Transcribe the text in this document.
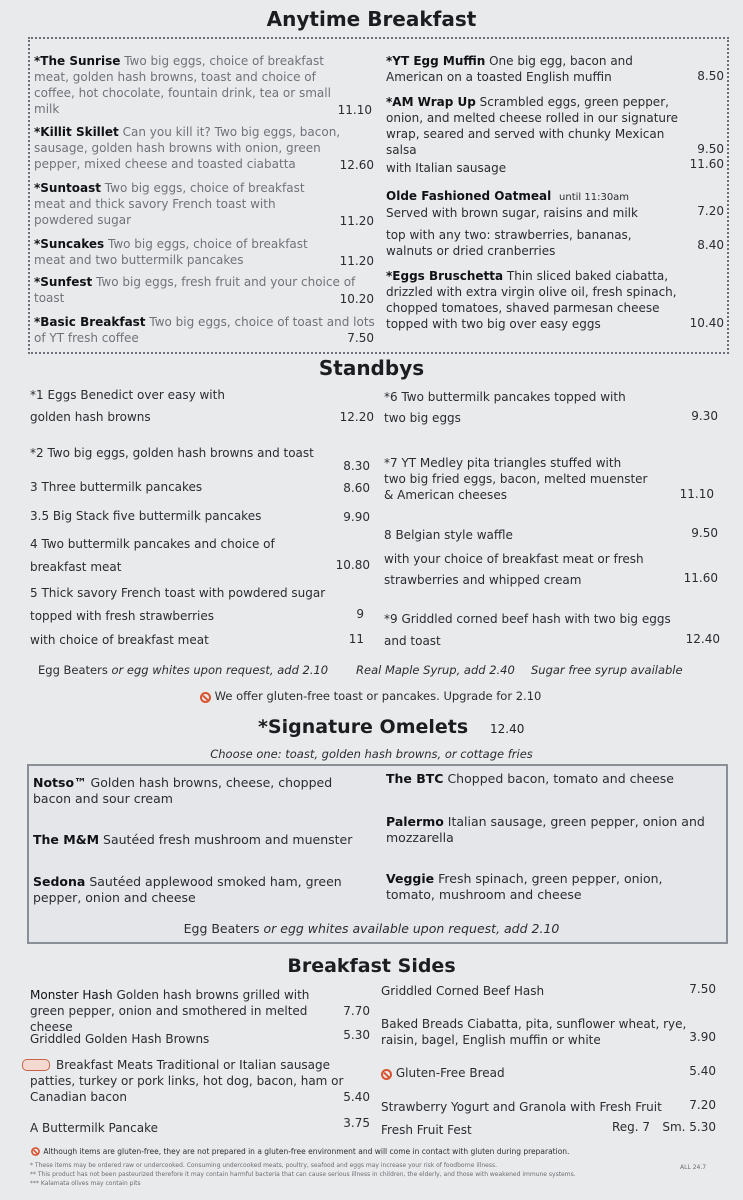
Anytime Breakfast
*The Sunrise Two big eggs, choice of breakfast meat, golden hash browns, toast and choice of coffee, hot chocolate, fountain drink, tea or small milk	11.10
*Killit Skillet Can you kill it? Two big eggs, bacon, sausage, golden hash browns with onion, green pepper, mixed cheese and toasted ciabatta	12.60
*Suntoast Two big eggs, choice of breakfast meat and thick savory French toast with powdered sugar	11.20
*Suncakes Two big eggs, choice of breakfast meat and two buttermilk pancakes	11.20
*Sunfest Two big eggs, fresh fruit and your choice of toast	10.20
*Basic Breakfast Two big eggs, choice of toast and lots of YT fresh coffee	7.50
*YT Egg Muffin One big egg, bacon and American on a toasted English muffin	8.50
*AM Wrap Up Scrambled eggs, green pepper, onion, and melted cheese rolled in our signature wrap, seared and served with chunky Mexican salsa	9.50
with Italian sausage	11.60
Olde Fashioned Oatmeal until 11:30am
Served with brown sugar, raisins and milk	7.20
top with any two: strawberries, bananas, walnuts or dried cranberries	8.40
*Eggs Bruschetta Thin sliced baked ciabatta, drizzled with extra virgin olive oil, fresh spinach, chopped tomatoes, shaved parmesan cheese topped with two big over easy eggs	10.40
Standbys
*1 Eggs Benedict over easy with
golden hash browns	12.20
*2 Two big eggs, golden hash browns and toast
8.30
3 Three buttermilk pancakes	8.60
3.5 Big Stack five buttermilk pancakes	9.90
4 Two buttermilk pancakes and choice of
breakfast meat	10.80
5 Thick savory French toast with powdered sugar
topped with fresh strawberries	9
with choice of breakfast meat	11
*6 Two buttermilk pancakes topped with
two big eggs	9.30
*7 YT Medley pita triangles stuffed with
two big fried eggs, bacon, melted muenster
& American cheeses	11.10
8 Belgian style waffle	9.50
with your choice of breakfast meat or fresh
strawberries and whipped cream	11.60
*9 Griddled corned beef hash with two big eggs
and toast	12.40
Egg Beaters or egg whites upon request, add 2.10 Real Maple Syrup, add 2.40 Sugar free syrup available
We offer gluten-free toast or pancakes. Upgrade for 2.10
*Signature Omelets 12.40
Choose one: toast, golden hash browns, or cottage fries
Notso™ Golden hash browns, cheese, chopped bacon and sour cream
The BTC Chopped bacon, tomato and cheese
The M&M Sautéed fresh mushroom and muenster
Palermo Italian sausage, green pepper, onion and mozzarella
Sedona Sautéed applewood smoked ham, green pepper, onion and cheese
Veggie Fresh spinach, green pepper, onion, tomato, mushroom and cheese
Egg Beaters or egg whites available upon request, add 2.10
Breakfast Sides
Monster Hash Golden hash browns grilled with green pepper, onion and smothered in melted cheese
7.70
Griddled Golden Hash Browns	5.30
Breakfast Meats Traditional or Italian sausage patties, turkey or pork links, hot dog, bacon, ham or Canadian bacon	5.40
A Buttermilk Pancake	3.75
Griddled Corned Beef Hash	7.50
Baked Breads Ciabatta, pita, sunflower wheat, rye, raisin, bagel, English muffin or white	3.90
Gluten-Free Bread	5.40
Strawberry Yogurt and Granola with Fresh Fruit	7.20
Fresh Fruit Fest	Reg. 7	Sm. 5.30
Although items are gluten-free, they are not prepared in a gluten-free environment and will come in contact with gluten during preparation.
* These items may be ordered raw or undercooked. Consuming undercooked meats, poultry, seafood and eggs may increase your risk of foodborne illness.
** This product has not been pasteurized therefore it may contain harmful bacteria that can cause serious illness in children, the elderly, and those with weakened immune systems.
*** Kalamata olives may contain pits
ALL 24.7
